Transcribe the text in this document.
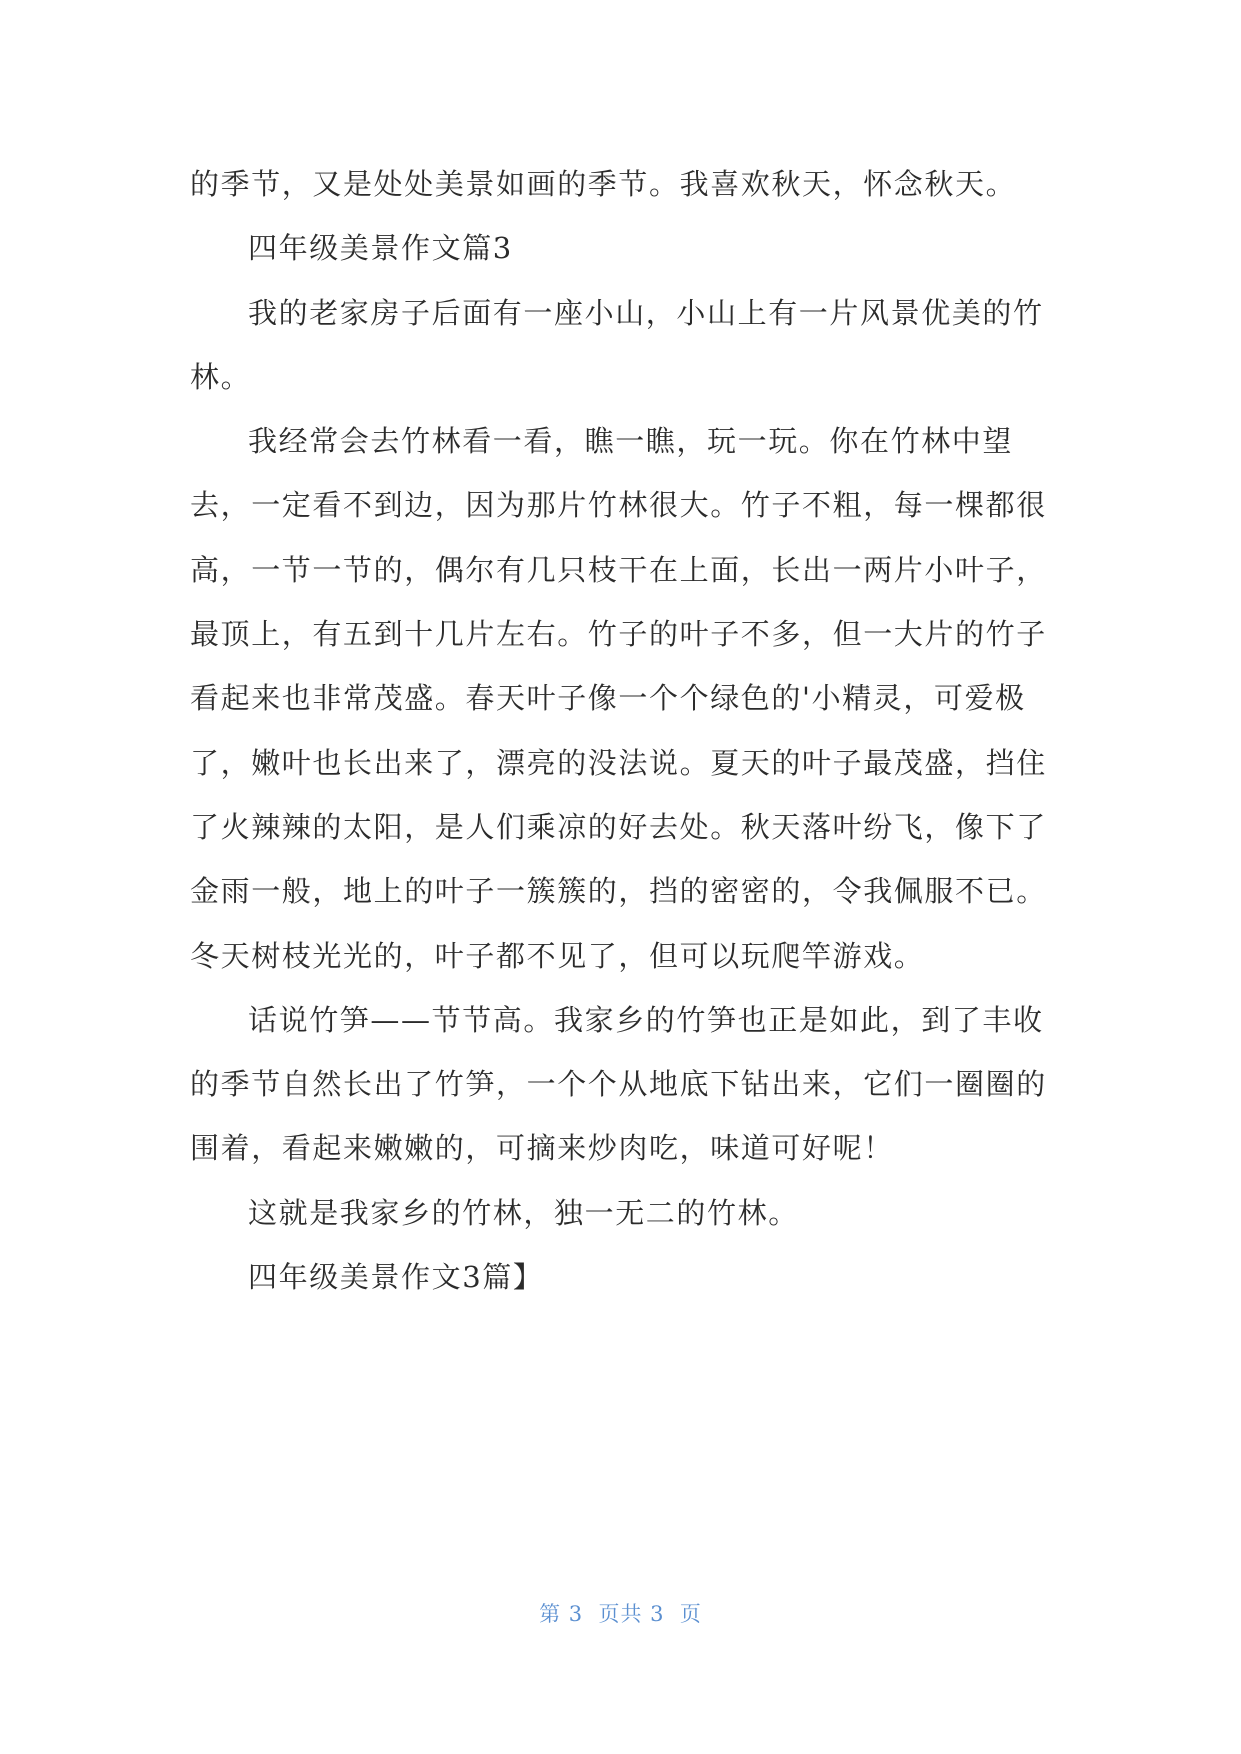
的季节，又是处处美景如画的季节。我喜欢秋天，怀念秋天。

四年级美景作文篇3

我的老家房子后面有一座小山，小山上有一片风景优美的竹林。

我经常会去竹林看一看，瞧一瞧，玩一玩。你在竹林中望去，一定看不到边，因为那片竹林很大。竹子不粗，每一棵都很高，一节一节的，偶尔有几只枝干在上面，长出一两片小叶子，最顶上，有五到十几片左右。竹子的叶子不多，但一大片的竹子看起来也非常茂盛。春天叶子像一个个绿色的'小精灵，可爱极了，嫩叶也长出来了，漂亮的没法说。夏天的叶子最茂盛，挡住了火辣辣的太阳，是人们乘凉的好去处。秋天落叶纷飞，像下了金雨一般，地上的叶子一簇簇的，挡的密密的，令我佩服不已。冬天树枝光光的，叶子都不见了，但可以玩爬竿游戏。

话说竹笋——节节高。我家乡的竹笋也正是如此，到了丰收的季节自然长出了竹笋，一个个从地底下钻出来，它们一圈圈的围着，看起来嫩嫩的，可摘来炒肉吃，味道可好呢！

这就是我家乡的竹林，独一无二的竹林。

四年级美景作文3篇】

第 3  页共 3  页
